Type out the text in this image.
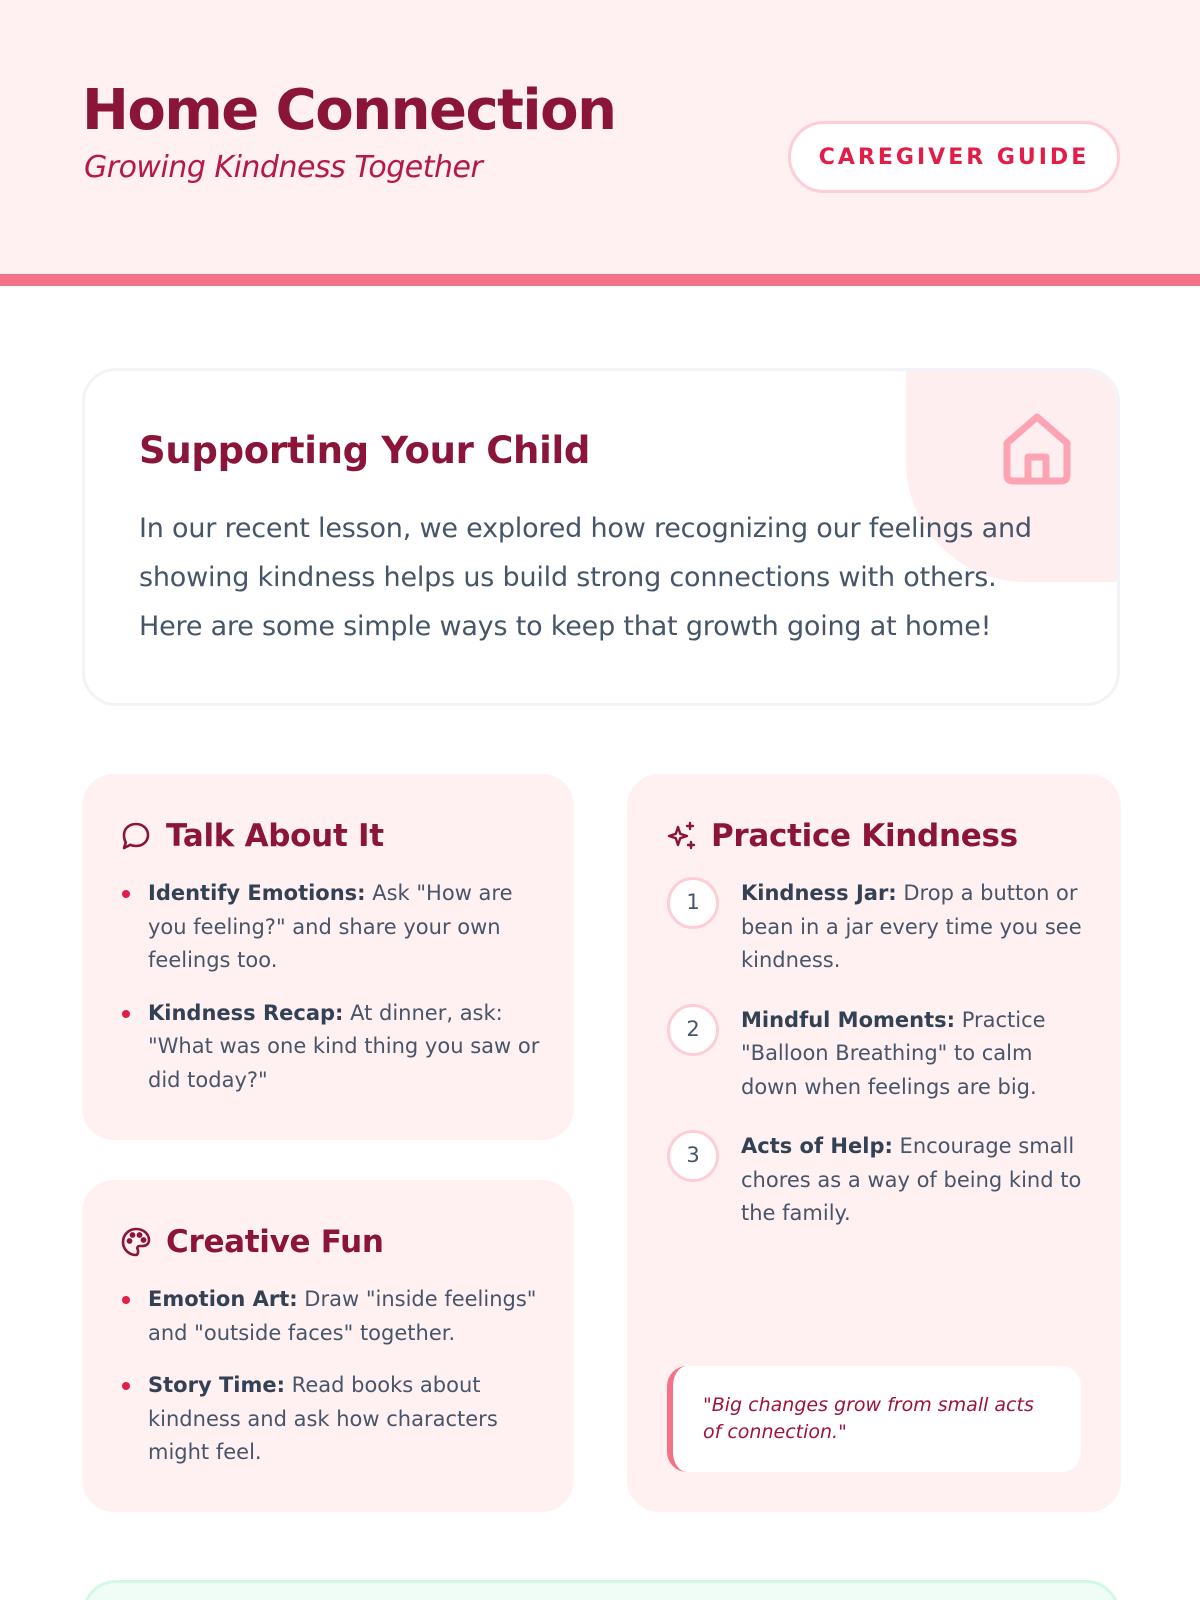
Home Connection
Growing Kindness Together	CAREGIVER GUIDE
Supporting Your Child
In our recent lesson, we explored how recognizing our feelings and showing kindness helps us build strong connections with others. Here are some simple ways to keep that growth going at home!
Talk About It
Identify Emotions: Ask "How are you feeling?" and share your own feelings too.
Kindness Recap: At dinner, ask: "What was one kind thing you saw or did today?"
Creative Fun
Emotion Art: Draw "inside feelings" and "outside faces" together.
Story Time: Read books about kindness and ask how characters might feel.
Practice Kindness
1	Kindness Jar: Drop a button or bean in a jar every time you see kindness.
2	Mindful Moments: Practice "Balloon Breathing" to calm down when feelings are big.
3	Acts of Help: Encourage small chores as a way of being kind to the family.
"Big changes grow from small acts of connection."
